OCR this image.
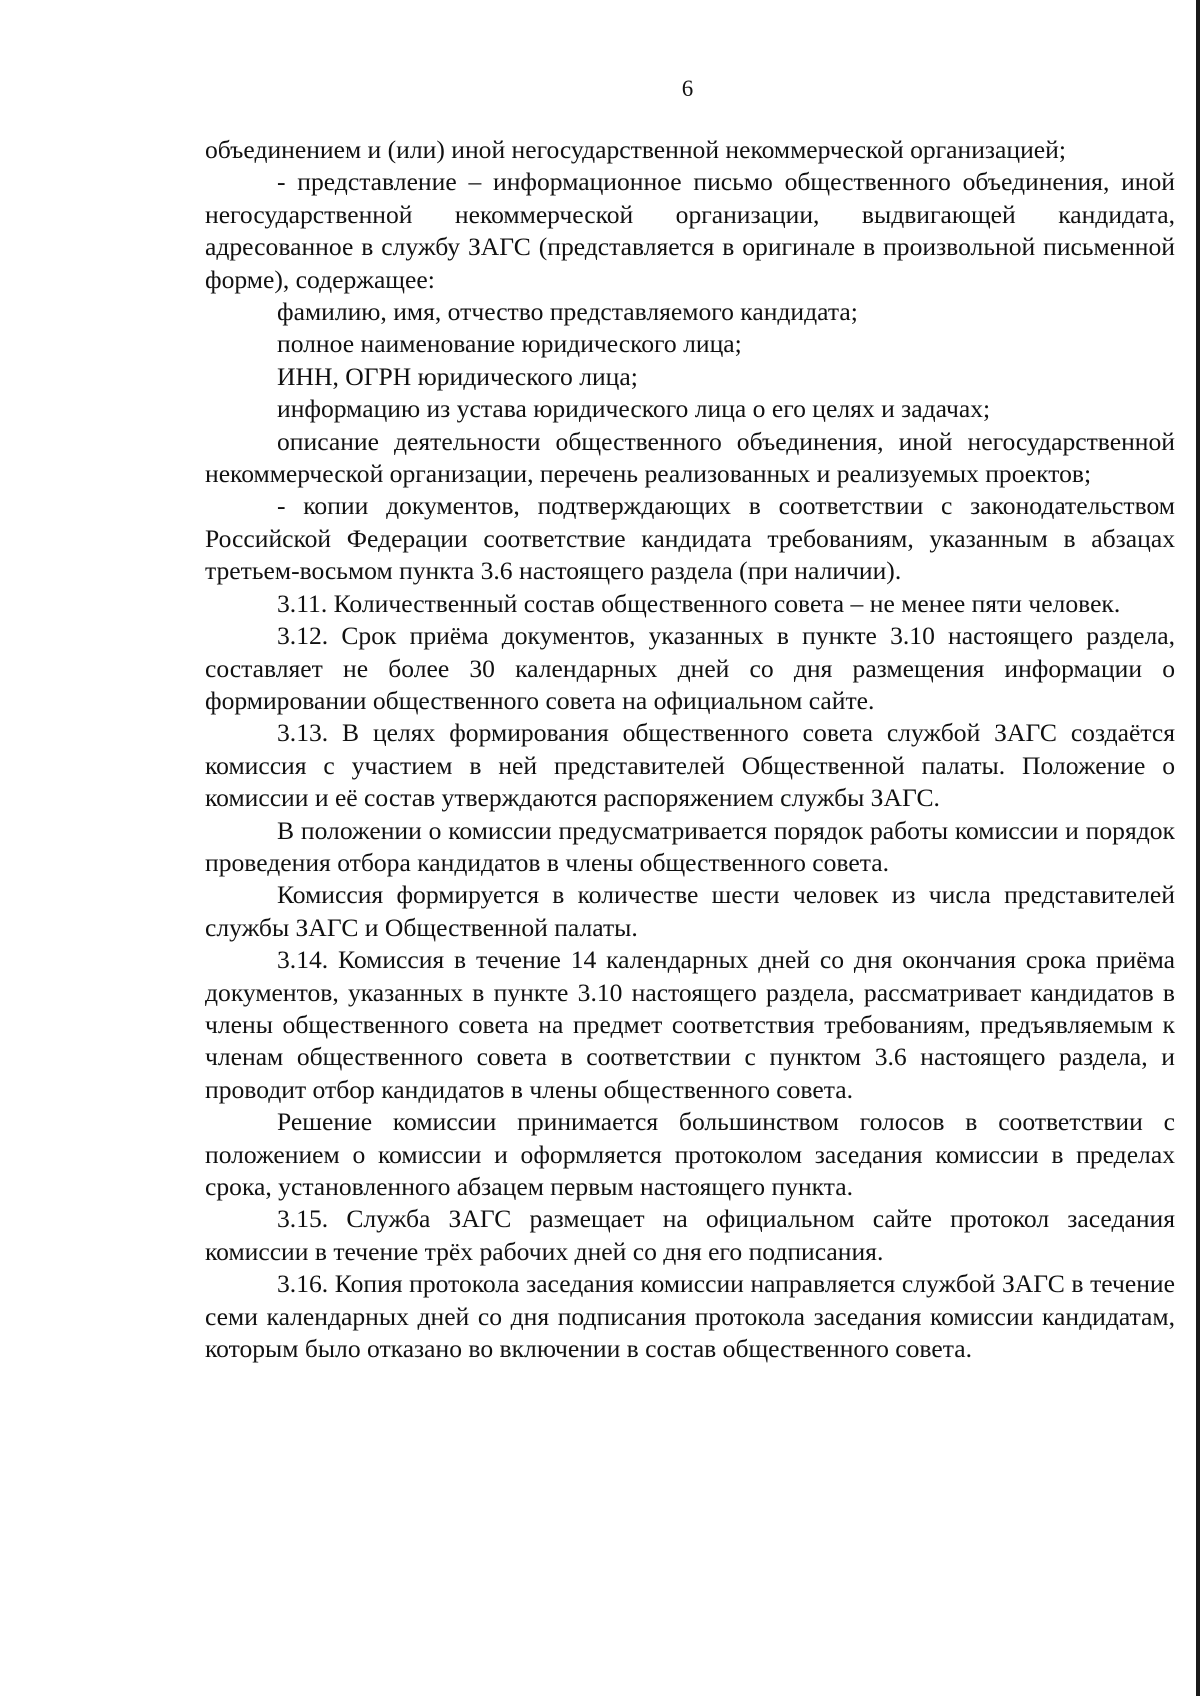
6

объединением и (или) иной негосударственной некоммерческой организацией;

- представление – информационное письмо общественного объединения, иной негосударственной некоммерческой организации, выдвигающей кандидата, адресованное в службу ЗАГС (представляется в оригинале в произвольной письменной форме), содержащее:

фамилию, имя, отчество представляемого кандидата;

полное наименование юридического лица;

ИНН, ОГРН юридического лица;

информацию из устава юридического лица о его целях и задачах;

описание деятельности общественного объединения, иной негосударственной некоммерческой организации, перечень реализованных и реализуемых проектов;

- копии документов, подтверждающих в соответствии с законодательством Российской Федерации соответствие кандидата требованиям, указанным в абзацах третьем-восьмом пункта 3.6 настоящего раздела (при наличии).

3.11. Количественный состав общественного совета – не менее пяти человек.

3.12. Срок приёма документов, указанных в пункте 3.10 настоящего раздела, составляет не более 30 календарных дней со дня размещения информации о формировании общественного совета на официальном сайте.

3.13. В целях формирования общественного совета службой ЗАГС создаётся комиссия с участием в ней представителей Общественной палаты. Положение о комиссии и её состав утверждаются распоряжением службы ЗАГС.

В положении о комиссии предусматривается порядок работы комиссии и порядок проведения отбора кандидатов в члены общественного совета.

Комиссия формируется в количестве шести человек из числа представителей службы ЗАГС и Общественной палаты.

3.14. Комиссия в течение 14 календарных дней со дня окончания срока приёма документов, указанных в пункте 3.10 настоящего раздела, рассматривает кандидатов в члены общественного совета на предмет соответствия требованиям, предъявляемым к членам общественного совета в соответствии с пунктом 3.6 настоящего раздела, и проводит отбор кандидатов в члены общественного совета.

Решение комиссии принимается большинством голосов в соответствии с положением о комиссии и оформляется протоколом заседания комиссии в пределах срока, установленного абзацем первым настоящего пункта.

3.15. Служба ЗАГС размещает на официальном сайте протокол заседания комиссии в течение трёх рабочих дней со дня его подписания.

3.16. Копия протокола заседания комиссии направляется службой ЗАГС в течение семи календарных дней со дня подписания протокола заседания комиссии кандидатам, которым было отказано во включении в состав общественного совета.
